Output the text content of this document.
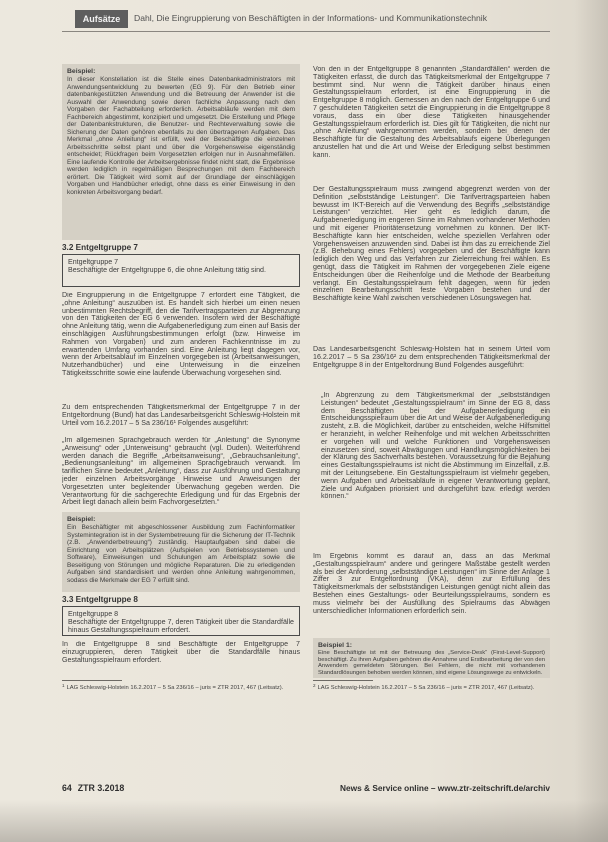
Aufsätze	Dahl, Die Eingruppierung von Beschäftigten in der Informations- und Kommunikationstechnik
Beispiel:
In dieser Konstellation ist die Stelle eines Datenbankadministrators mit Anwendungsentwicklung zu bewerten (EG 9). Für den Betrieb einer datenbankgestützten Anwendung und die Betreuung der Anwender ist die Auswahl der Anwendung sowie deren fachliche Anpassung nach den Vorgaben der Fachabteilung erforderlich. Arbeitsabläufe werden mit dem Fachbereich abgestimmt, konzipiert und umgesetzt. Die Erstellung und Pflege der Datenbankstrukturen, die Benutzer- und Rechteverwaltung sowie die Sicherung der Daten gehören ebenfalls zu den übertragenen Aufgaben. Das Merkmal „ohne Anleitung“ ist erfüllt, weil der Beschäftigte die einzelnen Arbeitsschritte selbst plant und über die Vorgehensweise eigenständig entscheidet; Rückfragen beim Vorgesetzten erfolgen nur in Ausnahmefällen. Eine laufende Kontrolle der Arbeitsergebnisse findet nicht statt, die Ergebnisse werden lediglich in regelmäßigen Besprechungen mit dem Fachbereich erörtert. Die Tätigkeit wird somit auf der Grundlage der einschlägigen Vorgaben und Handbücher erledigt, ohne dass es einer Einweisung in den konkreten Arbeitsvorgang bedarf.
3.2 Entgeltgruppe 7
Entgeltgruppe 7
Beschäftigte der Entgeltgruppe 6, die ohne Anleitung tätig sind.
Die Eingruppierung in die Entgeltgruppe 7 erfordert eine Tätigkeit, die „ohne Anleitung“ auszuüben ist. Es handelt sich hierbei um einen neuen unbestimmten Rechtsbegriff, den die Tarifvertragsparteien zur Abgrenzung von den Tätigkeiten der EG 6 verwenden. Insofern wird der Beschäftigte ohne Anleitung tätig, wenn die Aufgabenerledigung zum einen auf Basis der einschlägigen Ausführungsbestimmungen erfolgt (bzw. Hinweise im Rahmen von Vorgaben) und zum anderen Fachkenntnisse im zu erwartenden Umfang vorhanden sind. Eine Anleitung liegt dagegen vor, wenn der Arbeitsablauf im Einzelnen vorgegeben ist (Arbeitsanweisungen, Nutzerhandbücher) und eine Unterweisung in die einzelnen Tätigkeitsschritte sowie eine laufende Überwachung vorgesehen sind.
Zu dem entsprechenden Tätigkeitsmerkmal der Entgeltgruppe 7 in der Entgeltordnung (Bund) hat das Landesarbeitsgericht Schleswig-Holstein mit Urteil vom 16.2.2017 – 5 Sa 236/16¹ Folgendes ausgeführt:
„Im allgemeinen Sprachgebrauch werden für „Anleitung“ die Synonyme „Anweisung“ oder „Unterweisung“ gebraucht (vgl. Duden). Weiterführend werden danach die Begriffe „Arbeitsanweisung“, „Gebrauchsanleitung“, „Bedienungsanleitung“ im allgemeinen Sprachgebrauch verwandt. Im tariflichen Sinne bedeutet „Anleitung“, dass zur Ausführung und Gestaltung jeder einzelnen Arbeitsvorgänge Hinweise und Anweisungen der Vorgesetzten unter begleitender Überwachung gegeben werden. Die Verantwortung für die sachgerechte Erledigung und für das Ergebnis der Arbeit liegt danach allein beim Fachvorgesetzten.“
Beispiel:
Ein Beschäftigter mit abgeschlossener Ausbildung zum Fachinformatiker Systemintegration ist in der Systembetreuung für die Sicherung der IT-Technik (z.B. „Anwenderbetreuung“) zuständig. Hauptaufgaben sind dabei die Einrichtung von Arbeitsplätzen (Aufspielen von Betriebssystemen und Software), Einweisungen und Schulungen am Arbeitsplatz sowie die Beseitigung von Störungen und mögliche Reparaturen. Die zu erledigenden Aufgaben sind standardisiert und werden ohne Anleitung wahrgenommen, sodass die Merkmale der EG 7 erfüllt sind.
3.3 Entgeltgruppe 8
Entgeltgruppe 8
Beschäftigte der Entgeltgruppe 7, deren Tätigkeit über die Standardfälle hinaus Gestaltungsspielraum erfordert.
In die Entgeltgruppe 8 sind Beschäftigte der Entgeltgruppe 7 einzugruppieren, deren Tätigkeit über die Standardfälle hinaus Gestaltungsspielraum erfordert.
$^1$ LAG Schleswig-Holstein 16.2.2017 – 5 Sa 236/16 – juris = ZTR 2017, 467 (Leitsatz).
Von den in der Entgeltgruppe 8 genannten „Standardfällen“ werden die Tätigkeiten erfasst, die durch das Tätigkeitsmerkmal der Entgeltgruppe 7 bestimmt sind. Nur wenn die Tätigkeit darüber hinaus einen Gestaltungsspielraum erfordert, ist eine Eingruppierung in die Entgeltgruppe 8 möglich. Gemessen an den nach der Entgeltgruppe 6 und 7 geschuldeten Tätigkeiten setzt die Eingruppierung in die Entgeltgruppe 8 voraus, dass ein über diese Tätigkeiten hinausgehender Gestaltungsspielraum erforderlich ist. Dies gilt für Tätigkeiten, die nicht nur „ohne Anleitung“ wahrgenommen werden, sondern bei denen der Beschäftigte für die Gestaltung des Arbeitsablaufs eigene Überlegungen anzustellen hat und die Art und Weise der Erledigung selbst bestimmen kann.
Der Gestaltungsspielraum muss zwingend abgegrenzt werden von der Definition „selbstständige Leistungen“. Die Tarifvertragsparteien haben bewusst im IKT-Bereich auf die Verwendung des Begriffs „selbstständige Leistungen“ verzichtet. Hier geht es lediglich darum, die Aufgabenerledigung im engeren Sinne im Rahmen vorhandener Methoden und mit eigener Prioritätensetzung vornehmen zu können. Der IKT-Beschäftigte kann hier entscheiden, welche speziellen Verfahren oder Vorgehensweisen anzuwenden sind. Dabei ist ihm das zu erreichende Ziel (z.B. Behebung eines Fehlers) vorgegeben und der Beschäftigte kann lediglich den Weg und das Verfahren zur Zielerreichung frei wählen. Es genügt, dass die Tätigkeit im Rahmen der vorgegebenen Ziele eigene Entscheidungen über die Reihenfolge und die Methode der Bearbeitung verlangt. Ein Gestaltungsspielraum fehlt dagegen, wenn für jeden einzelnen Bearbeitungsschritt feste Vorgaben bestehen und der Beschäftigte keine Wahl zwischen verschiedenen Lösungswegen hat.
Das Landesarbeitsgericht Schleswig-Holstein hat in seinem Urteil vom 16.2.2017 – 5 Sa 236/16² zu dem entsprechenden Tätigkeitsmerkmal der Entgeltgruppe 8 in der Entgeltordnung Bund Folgendes ausgeführt:
„In Abgrenzung zu dem Tätigkeitsmerkmal der „selbstständigen Leistungen“ bedeutet „Gestaltungsspielraum“ im Sinne der EG 8, dass dem Beschäftigten bei der Aufgabenerledigung ein Entscheidungsspielraum über die Art und Weise der Aufgabenerledigung zusteht, z.B. die Möglichkeit, darüber zu entscheiden, welche Hilfsmittel er heranzieht, in welcher Reihenfolge und mit welchen Arbeitsschritten er vorgehen will und welche Funktionen und Vorgehensweisen einzusetzen sind, soweit Abwägungen und Handlungsmöglichkeiten bei der Klärung des Sachverhalts bestehen. Voraussetzung für die Bejahung eines Gestaltungsspielraums ist nicht die Abstimmung im Einzelfall, z.B. mit der Leitungsebene. Ein Gestaltungsspielraum ist vielmehr gegeben, wenn Aufgaben und Arbeitsabläufe in eigener Verantwortung geplant, Ziele und Aufgaben priorisiert und durchgeführt bzw. erledigt werden können.“
Im Ergebnis kommt es darauf an, dass an das Merkmal „Gestaltungsspielraum“ andere und geringere Maßstäbe gestellt werden als bei der Anforderung „selbstständige Leistungen“ im Sinne der Anlage 1 Ziffer 3 zur Entgeltordnung (VKA), denn zur Erfüllung des Tätigkeitsmerkmals der selbstständigen Leistungen genügt nicht allein das Bestehen eines Gestaltungs- oder Beurteilungsspielraums, sondern es muss vielmehr bei der Ausfüllung des Spielraums das Abwägen unterschiedlicher Informationen erforderlich sein.
Beispiel 1:
Eine Beschäftigte ist mit der Betreuung des „Service-Desk“ (First-Level-Support) beschäftigt. Zu ihren Aufgaben gehören die Annahme und Erstbearbeitung der von den Anwendern gemeldeten Störungen. Bei Fehlern, die nicht mit vorhandenen Standardlösungen behoben werden können, sind eigene Lösungswege zu entwickeln.
$^2$ LAG Schleswig-Holstein 16.2.2017 – 5 Sa 236/16 – juris = ZTR 2017, 467 (Leitsatz).
64 ZTR 3.2018	News & Service online – www.ztr-zeitschrift.de/archiv
